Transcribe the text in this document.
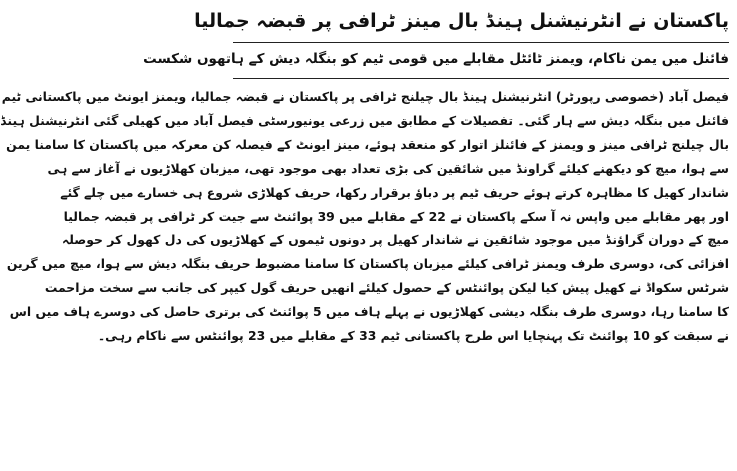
پاکستان نے انٹرنیشنل ہینڈ بال مینز ٹرافی پر قبضہ جمالیا
فائنل میں یمن ناکام، ویمنز ٹائٹل مقابلے میں قومی ٹیم کو بنگلہ دیش کے ہاتھوں شکست
فیصل آباد (خصوصی رپورٹر) انٹرنیشنل ہینڈ بال چیلنج ٹرافی پر پاکستان نے قبضہ جمالیا، ویمنز ایونٹ میں پاکستانی ٹیم
فائنل میں بنگلہ دیش سے ہار گئی۔ تفصیلات کے مطابق میں زرعی یونیورسٹی فیصل آباد میں کھیلی گئی انٹرنیشنل ہینڈ
بال چیلنج ٹرافی مینز و ویمنز کے فائنلز اتوار کو منعقد ہوئے، مینز ایونٹ کے فیصلہ کن معرکہ میں پاکستان کا سامنا یمن
سے ہوا، میچ کو دیکھنے کیلئے گراونڈ میں شائقین کی بڑی تعداد بھی موجود تھی، میزبان کھلاڑیوں نے آغاز سے ہی
شاندار کھیل کا مظاہرہ کرتے ہوئے حریف ٹیم پر دباؤ برقرار رکھا، حریف کھلاڑی شروع ہی خسارے میں چلے گئے
اور پھر مقابلے میں واپس نہ آ سکے پاکستان نے 22 کے مقابلے میں 39 پوائنٹ سے جیت کر ٹرافی پر قبضہ جمالیا
میچ کے دوران گراؤنڈ میں موجود شائقین نے شاندار کھیل پر دونوں ٹیموں کے کھلاڑیوں کی دل کھول کر حوصلہ
افزائی کی، دوسری طرف ویمنز ٹرافی کیلئے میزبان پاکستان کا سامنا مضبوط حریف بنگلہ دیش سے ہوا، میچ میں گرین
شرٹس سکواڈ نے کھیل پیش کیا لیکن پوائنٹس کے حصول کیلئے انھیں حریف گول کیپر کی جانب سے سخت مزاحمت
کا سامنا رہا، دوسری طرف بنگلہ دیشی کھلاڑیوں نے پہلے ہاف میں 5 پوائنٹ کی برتری حاصل کی دوسرے ہاف میں اس
نے سبقت کو 10 پوائنٹ تک پہنچایا اس طرح پاکستانی ٹیم 33 کے مقابلے میں 23 پوائنٹس سے ناکام رہی۔
